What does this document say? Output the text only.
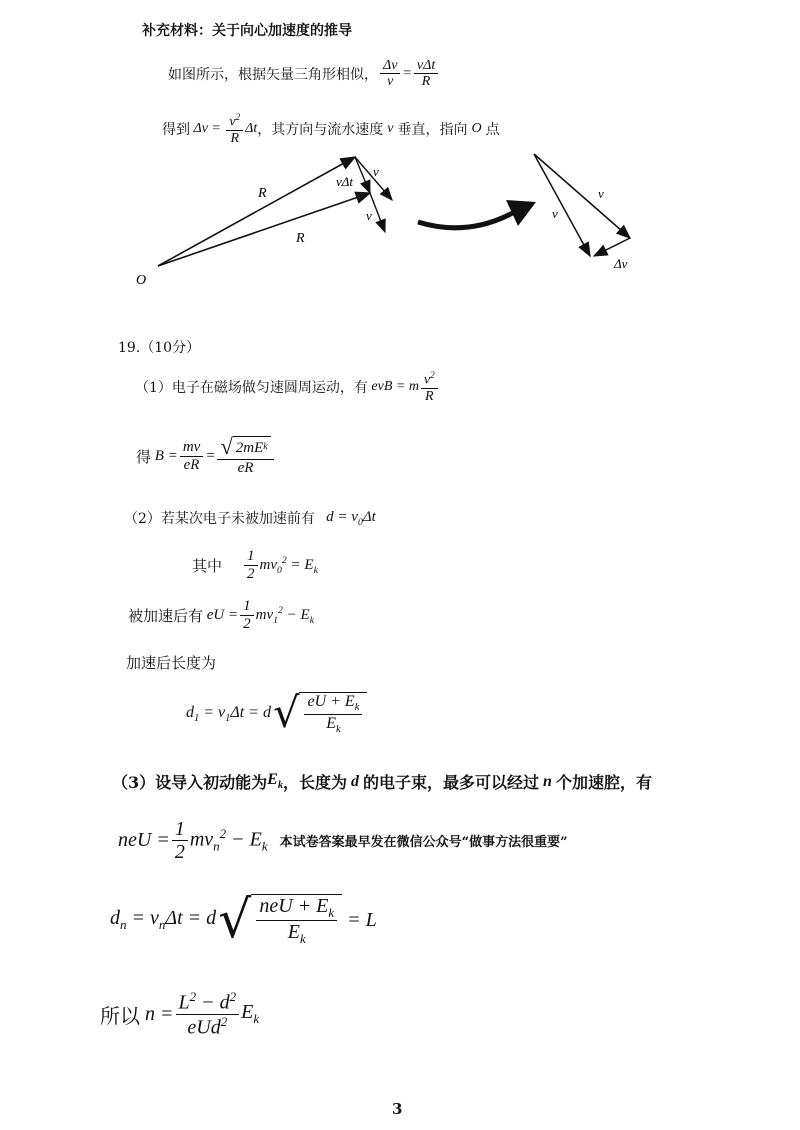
补充材料：关于向心加速度的推导
如图所示，根据矢量三角形相似， $\frac{\Delta v}{v} = \frac{\text{vΔt}}{R}$
得到 $\Delta v = \frac{v^2}{R}$ Δt ，其方向与流水速度 v 垂直，指向 O 点
R
R
O
vΔt
v
v
v
v
Δv
19.（10分）
（1）电子在磁场做匀速圆周运动，有 evB = m $\frac{v^2}{R}$
得 $B = \frac{mv}{eR} = \frac{\text{√ 2mE k}}{eR}$
（2）若某次电子未被加速前有 $d = v_0\Delta t$
其中 $\frac{1}{2} mv_0^2 = E_k$
被加速后有 eU = $\frac{1}{2} mv_1^2 - E_k$
加速后长度为
$d_1 = v_1\Delta t = d$ √ $\frac{eU + E_k}{E_k}$
（3）设导入初动能为 $E_k$ ，长度为 d 的电子束，最多可以经过 n 个加速腔，有
neU = $\frac{1}{2} mv_n^2 - E_k$ 本试卷答案最早发在微信公众号“做事方法很重要”
$d_n = v_n\Delta t = d$ √ $\frac{neU + E_k}{E_k} = L$
所以 $n = \frac{L^2 - d^2}{eUd^2} E_k$
3
